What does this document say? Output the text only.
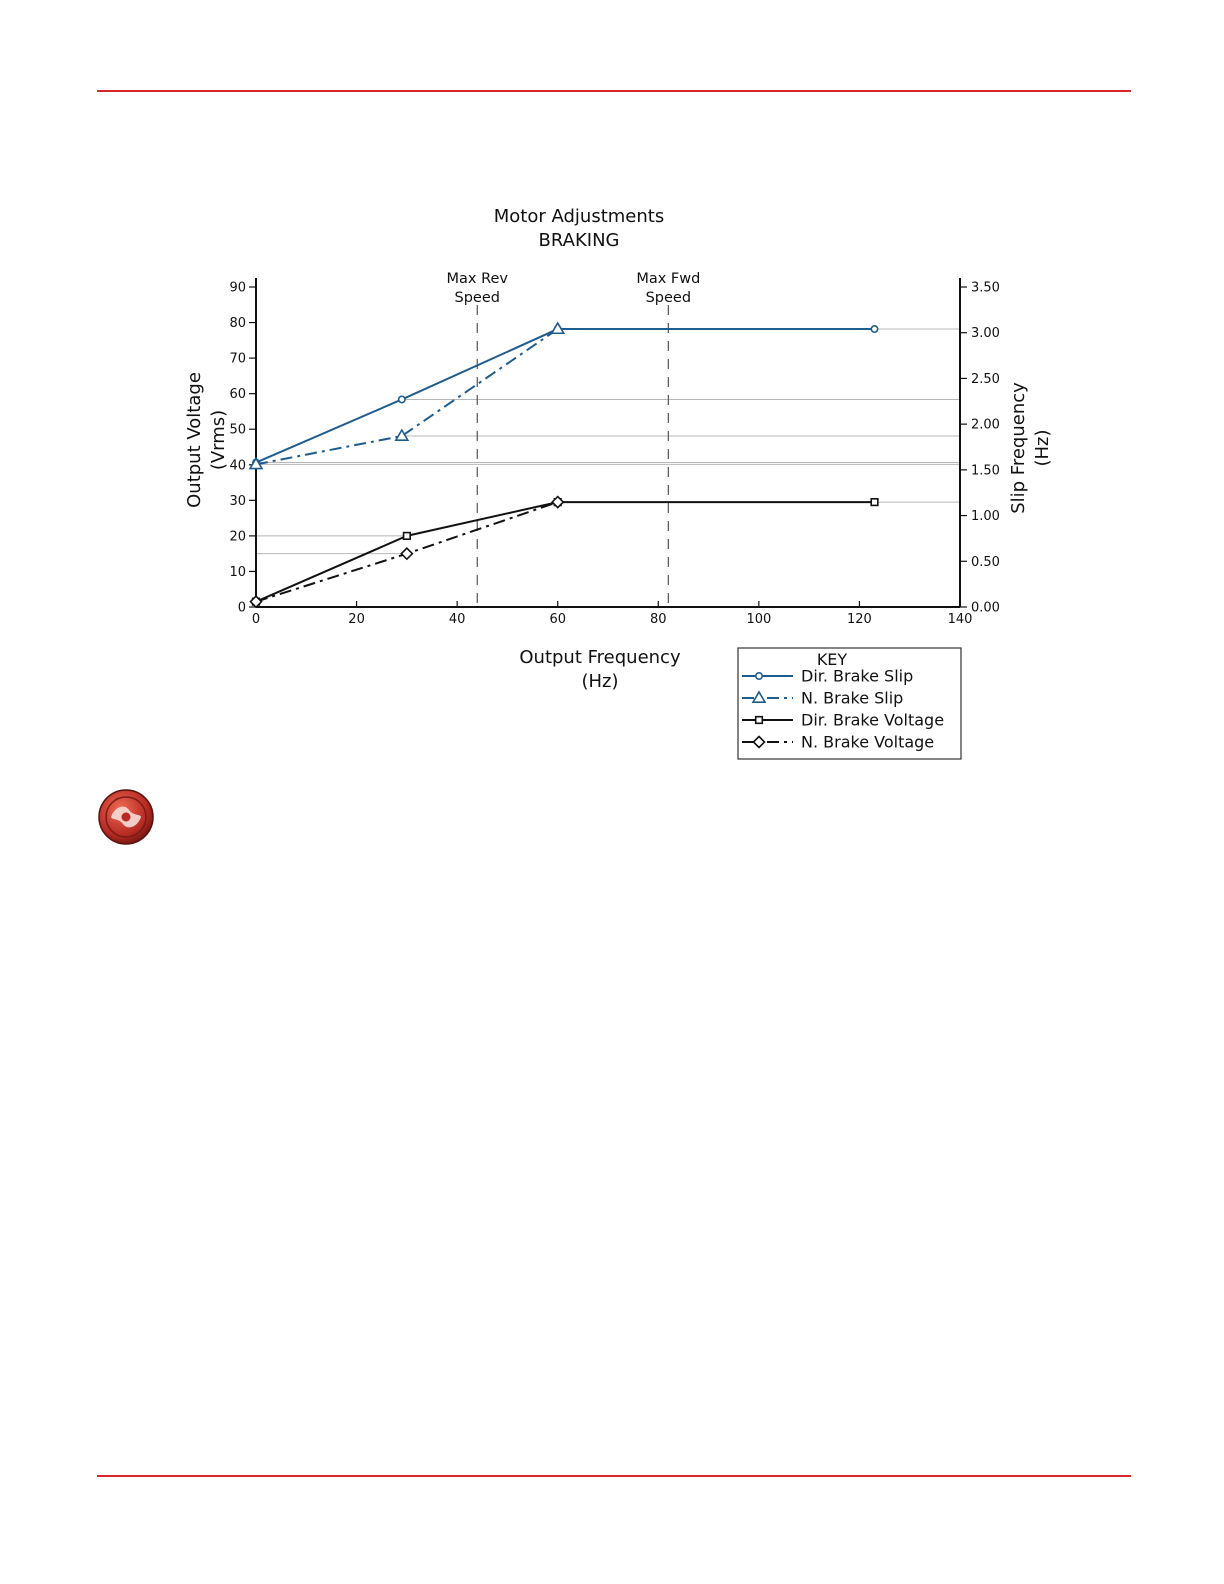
Motor Adjustments
BRAKING
Output Frequency
(Hz)
Output Voltage (Vrms)	Slip Frequency (Hz)
Max Rev
Speed
Max Fwd
Speed
0	20	40	60	80	100	120	140
0
10
20
30
40
50
60
70
80
90
0.00
0.50
1.00
1.50
2.00
2.50
3.00
3.50
KEY
Dir. Brake Slip
N. Brake Slip
Dir. Brake Voltage
N. Brake Voltage
